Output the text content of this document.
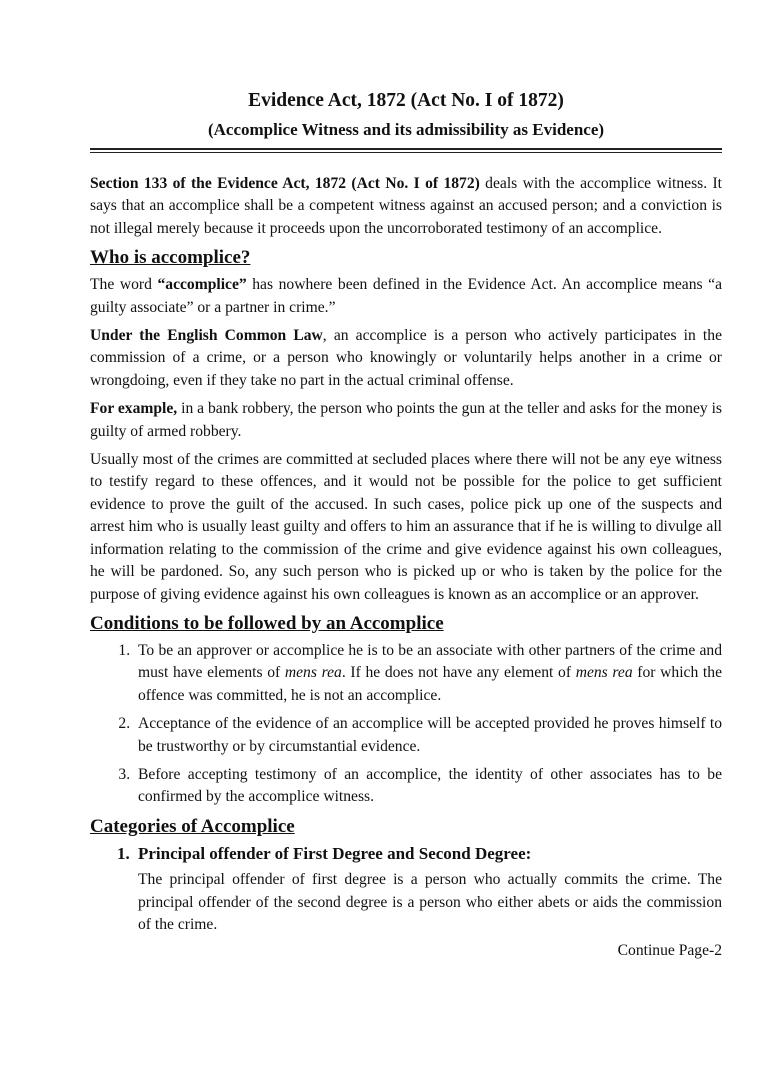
Evidence Act, 1872 (Act No. I of 1872)
(Accomplice Witness and its admissibility as Evidence)

Section 133 of the Evidence Act, 1872 (Act No. I of 1872) deals with the accomplice witness. It says that an accomplice shall be a competent witness against an accused person; and a conviction is not illegal merely because it proceeds upon the uncorroborated testimony of an accomplice.

Who is accomplice?

The word “accomplice” has nowhere been defined in the Evidence Act. An accomplice means “a guilty associate” or a partner in crime.”

Under the English Common Law, an accomplice is a person who actively participates in the commission of a crime, or a person who knowingly or voluntarily helps another in a crime or wrongdoing, even if they take no part in the actual criminal offense.

For example, in a bank robbery, the person who points the gun at the teller and asks for the money is guilty of armed robbery.

Usually most of the crimes are committed at secluded places where there will not be any eye witness to testify regard to these offences, and it would not be possible for the police to get sufficient evidence to prove the guilt of the accused. In such cases, police pick up one of the suspects and arrest him who is usually least guilty and offers to him an assurance that if he is willing to divulge all information relating to the commission of the crime and give evidence against his own colleagues, he will be pardoned. So, any such person who is picked up or who is taken by the police for the purpose of giving evidence against his own colleagues is known as an accomplice or an approver.

Conditions to be followed by an Accomplice
1. To be an approver or accomplice he is to be an associate with other partners of the crime and must have elements of mens rea. If he does not have any element of mens rea for which the offence was committed, he is not an accomplice.
2. Acceptance of the evidence of an accomplice will be accepted provided he proves himself to be trustworthy or by circumstantial evidence.
3. Before accepting testimony of an accomplice, the identity of other associates has to be confirmed by the accomplice witness.
Categories of Accomplice
1. Principal offender of First Degree and Second Degree:

The principal offender of first degree is a person who actually commits the crime. The principal offender of the second degree is a person who either abets or aids the commission of the crime.

Continue Page-2
